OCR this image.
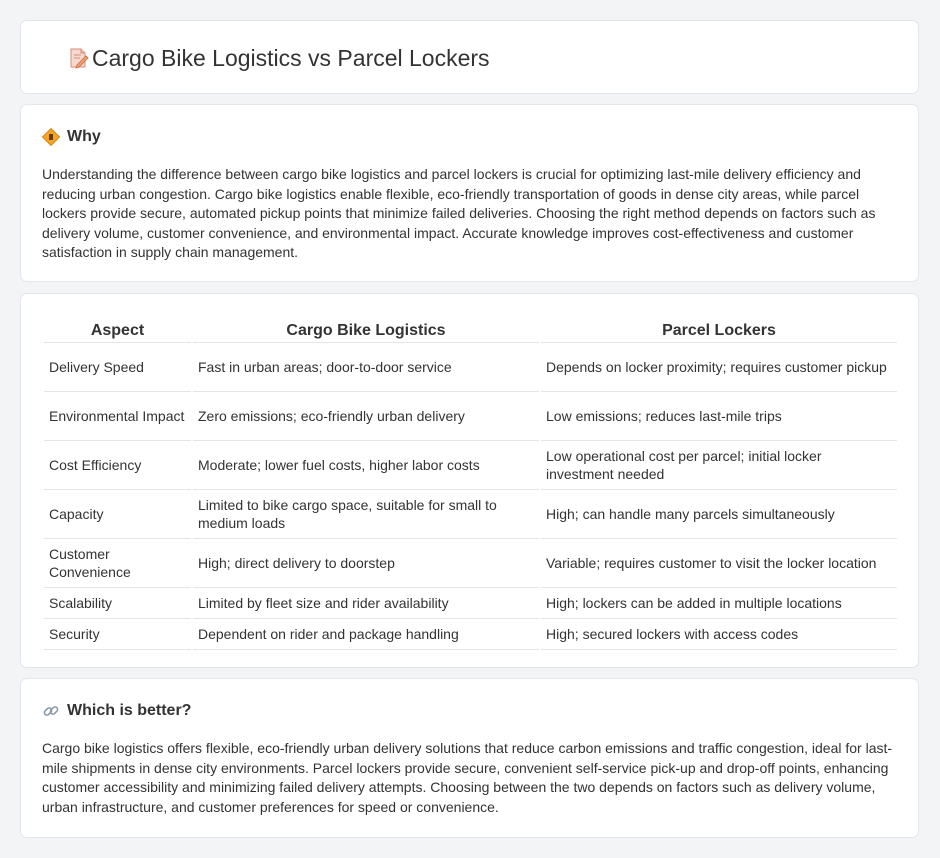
Cargo Bike Logistics vs Parcel Lockers
Why

Understanding the difference between cargo bike logistics and parcel lockers is crucial for optimizing last-mile delivery efficiency and reducing urban congestion. Cargo bike logistics enable flexible, eco-friendly transportation of goods in dense city areas, while parcel lockers provide secure, automated pickup points that minimize failed deliveries. Choosing the right method depends on factors such as delivery volume, customer convenience, and environmental impact. Accurate knowledge improves cost-effectiveness and customer satisfaction in supply chain management.

Aspect	Cargo Bike Logistics	Parcel Lockers
Delivery Speed	Fast in urban areas; door-to-door service	Depends on locker proximity; requires customer pickup
Environmental Impact	Zero emissions; eco-friendly urban delivery	Low emissions; reduces last-mile trips
Cost Efficiency	Moderate; lower fuel costs, higher labor costs	Low operational cost per parcel; initial locker investment needed
Capacity	Limited to bike cargo space, suitable for small to medium loads	High; can handle many parcels simultaneously
Customer Convenience	High; direct delivery to doorstep	Variable; requires customer to visit the locker location
Scalability	Limited by fleet size and rider availability	High; lockers can be added in multiple locations
Security	Dependent on rider and package handling	High; secured lockers with access codes
Which is better?

Cargo bike logistics offers flexible, eco-friendly urban delivery solutions that reduce carbon emissions and traffic congestion, ideal for last-mile shipments in dense city environments. Parcel lockers provide secure, convenient self-service pick-up and drop-off points, enhancing customer accessibility and minimizing failed delivery attempts. Choosing between the two depends on factors such as delivery volume, urban infrastructure, and customer preferences for speed or convenience.
